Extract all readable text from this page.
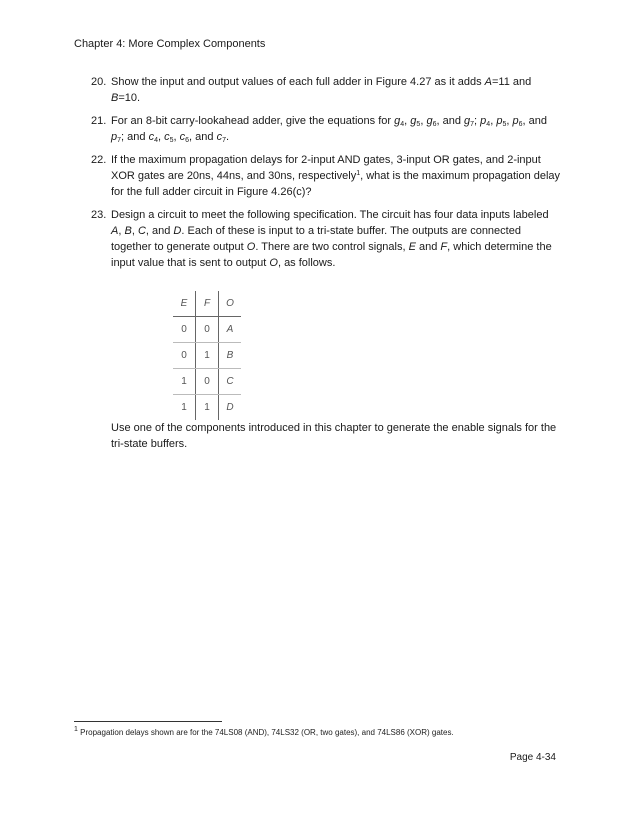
Chapter 4: More Complex Components
20. Show the input and output values of each full adder in Figure 4.27 as it adds A=11 and B=10.

21. For an 8-bit carry-lookahead adder, give the equations for $g_4$, $g_5$, $g_6$, and $g_7$; $p_4$, $p_5$, $p_6$, and $p_7$; and $c_4$, $c_5$, $c_6$, and $c_7$.

22. If the maximum propagation delays for 2-input AND gates, 3-input OR gates, and 2-input XOR gates are 20ns, 44ns, and 30ns, respectively$^1$, what is the maximum propagation delay for the full adder circuit in Figure 4.26(c)?

23. Design a circuit to meet the following specification. The circuit has four data inputs labeled A, B, C, and D. Each of these is input to a tri-state buffer. The outputs are connected together to generate output O. There are two control signals, E and F, which determine the input value that is sent to output O, as follows.

E	F	O
0	0	A
0	1	B
1	0	C
1	1	D

Use one of the components introduced in this chapter to generate the enable signals for the tri-state buffers.

$^1$ Propagation delays shown are for the 74LS08 (AND), 74LS32 (OR, two gates), and 74LS86 (XOR) gates.
Page 4-34
